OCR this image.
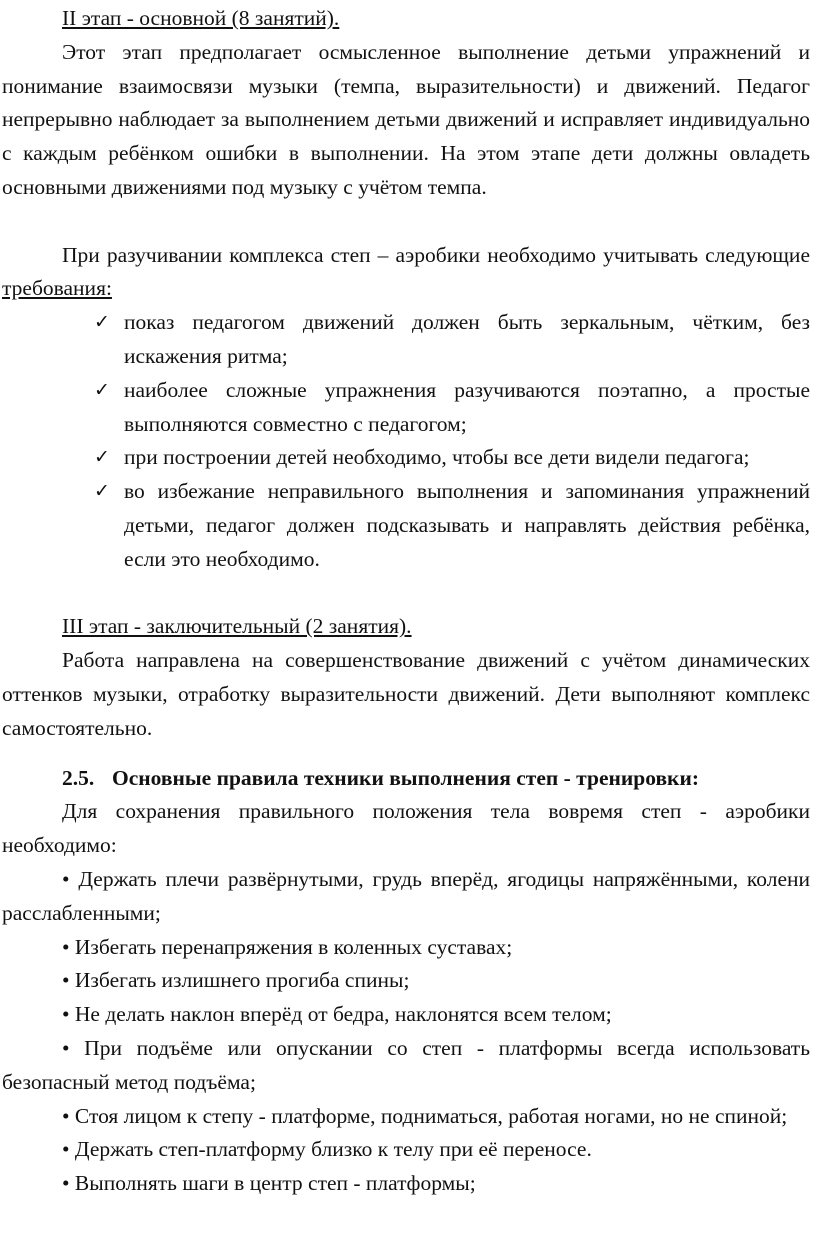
II этап - основной (8 занятий).

Этот этап предполагает осмысленное выполнение детьми упражнений и понимание взаимосвязи музыки (темпа, выразительности) и движений. Педагог непрерывно наблюдает за выполнением детьми движений и исправляет индивидуально с каждым ребёнком ошибки в выполнении. На этом этапе дети должны овладеть основными движениями под музыку с учётом темпа.

При разучивании комплекса степ – аэробики необходимо учитывать следующие требования:

✓ показ педагогом движений должен быть зеркальным, чётким, без искажения ритма;
✓ наиболее сложные упражнения разучиваются поэтапно, а простые выполняются совместно с педагогом;
✓ при построении детей необходимо, чтобы все дети видели педагога;
✓ во избежание неправильного выполнения и запоминания упражнений детьми, педагог должен подсказывать и направлять действия ребёнка, если это необходимо.

III этап - заключительный (2 занятия).

Работа направлена на совершенствование движений с учётом динамических оттенков музыки, отработку выразительности движений. Дети выполняют комплекс самостоятельно.

2.5. Основные правила техники выполнения степ - тренировки:

Для сохранения правильного положения тела вовремя степ - аэробики необходимо:

• Держать плечи развёрнутыми, грудь вперёд, ягодицы напряжёнными, колени расслабленными;

• Избегать перенапряжения в коленных суставах;

• Избегать излишнего прогиба спины;

• Не делать наклон вперёд от бедра, наклонятся всем телом;

• При подъёме или опускании со степ - платформы всегда использовать безопасный метод подъёма;

• Стоя лицом к степу - платформе, подниматься, работая ногами, но не спиной;

• Держать степ-платформу близко к телу при её переносе.

• Выполнять шаги в центр степ - платформы;
